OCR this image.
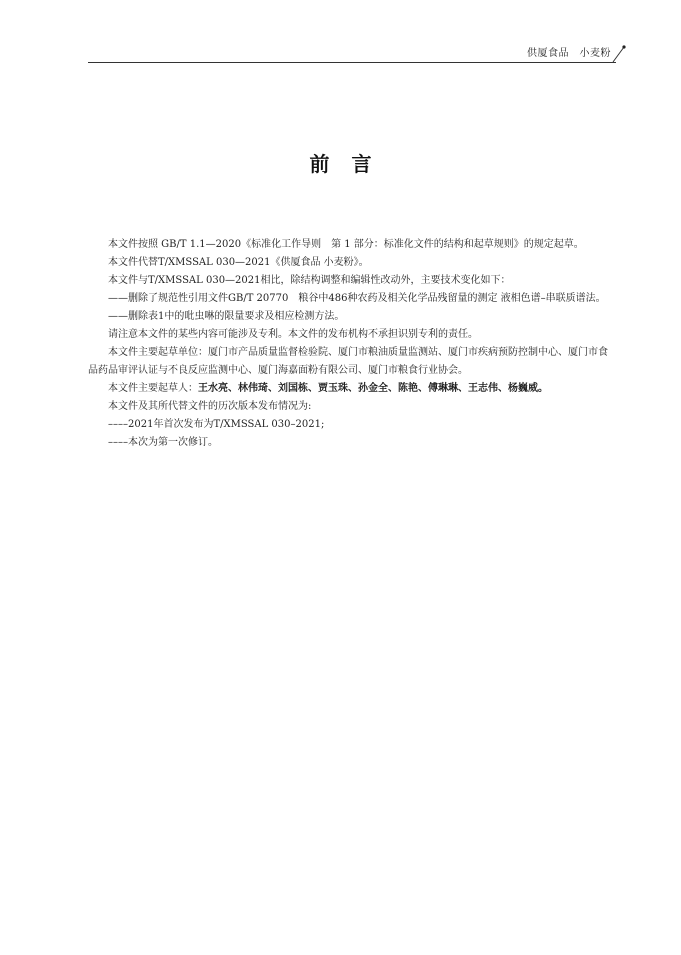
供厦食品　小麦粉
前言

本文件按照 GB/T 1.1—2020《标准化工作导则　第 1 部分：标准化文件的结构和起草规则》的规定起草。

本文件代替T/XMSSAL 030—2021《供厦食品 小麦粉》。

本文件与T/XMSSAL 030—2021相比，除结构调整和编辑性改动外，主要技术变化如下：

——删除了规范性引用文件GB/T 20770　粮谷中486种农药及相关化学品残留量的测定 液相色谱–串联质谱法。

——删除表1中的吡虫啉的限量要求及相应检测方法。

请注意本文件的某些内容可能涉及专利。本文件的发布机构不承担识别专利的责任。

本文件主要起草单位：厦门市产品质量监督检验院、厦门市粮油质量监测站、厦门市疾病预防控制中心、厦门市食品药品审评认证与不良反应监测中心、厦门海嘉面粉有限公司、厦门市粮食行业协会。

本文件主要起草人：王水亮、林伟琦、刘国栋、贾玉珠、孙金全、陈艳、傅琳琳、王志伟、杨巍威。

本文件及其所代替文件的历次版本发布情况为:

––––2021年首次发布为T/XMSSAL 030–2021;

––––本次为第一次修订。
